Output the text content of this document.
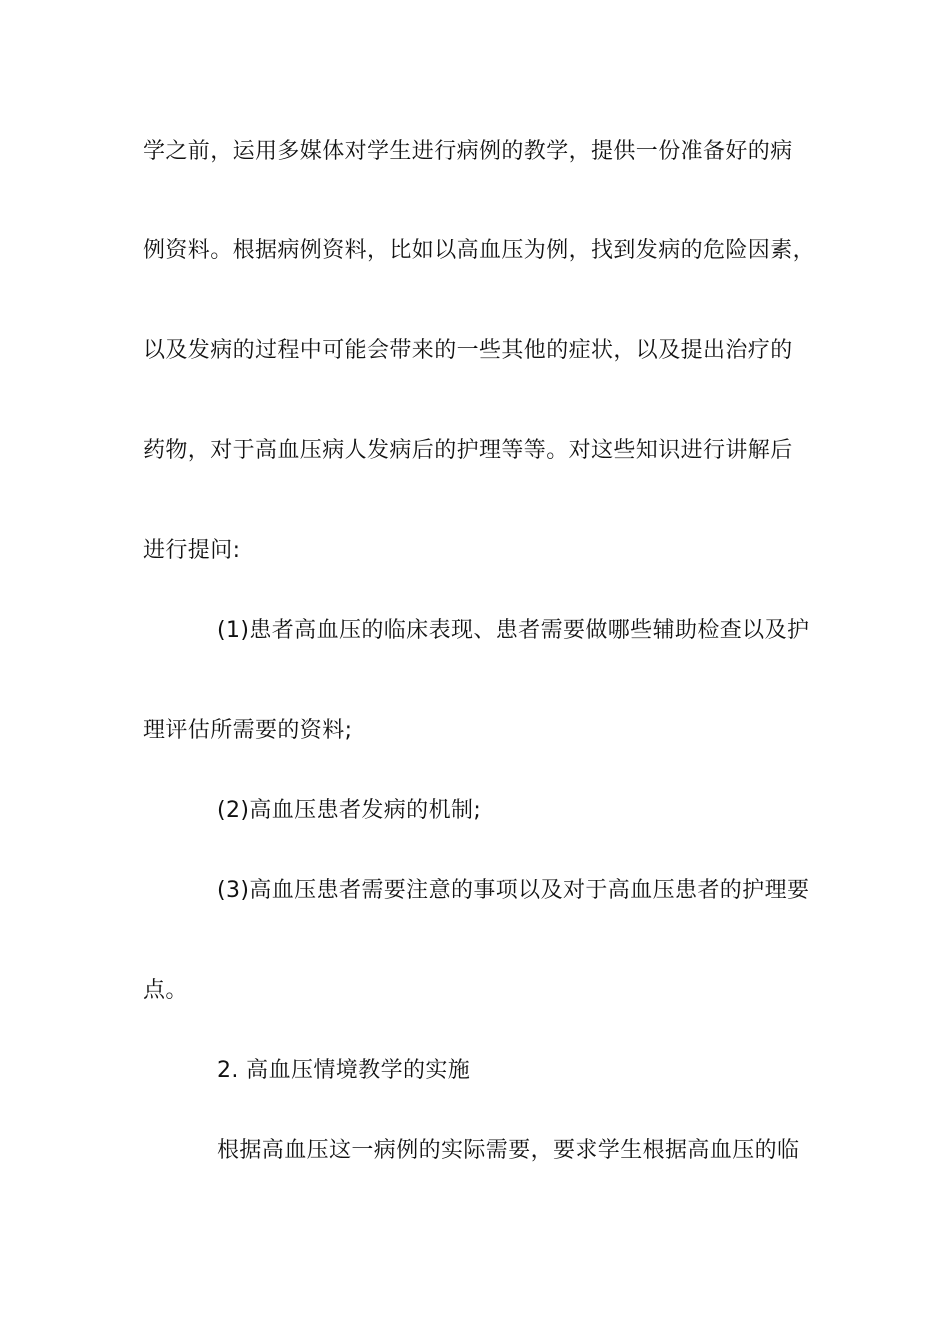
学之前，运用多媒体对学生进行病例的教学，提供一份准备好的病
例资料。根据病例资料，比如以高血压为例，找到发病的危险因素，
以及发病的过程中可能会带来的一些其他的症状，以及提出治疗的
药物，对于高血压病人发病后的护理等等。对这些知识进行讲解后
进行提问:
(1)患者高血压的临床表现、患者需要做哪些辅助检查以及护
理评估所需要的资料;
(2)高血压患者发病的机制;
(3)高血压患者需要注意的事项以及对于高血压患者的护理要
点。
2. 高血压情境教学的实施
根据高血压这一病例的实际需要，要求学生根据高血压的临
